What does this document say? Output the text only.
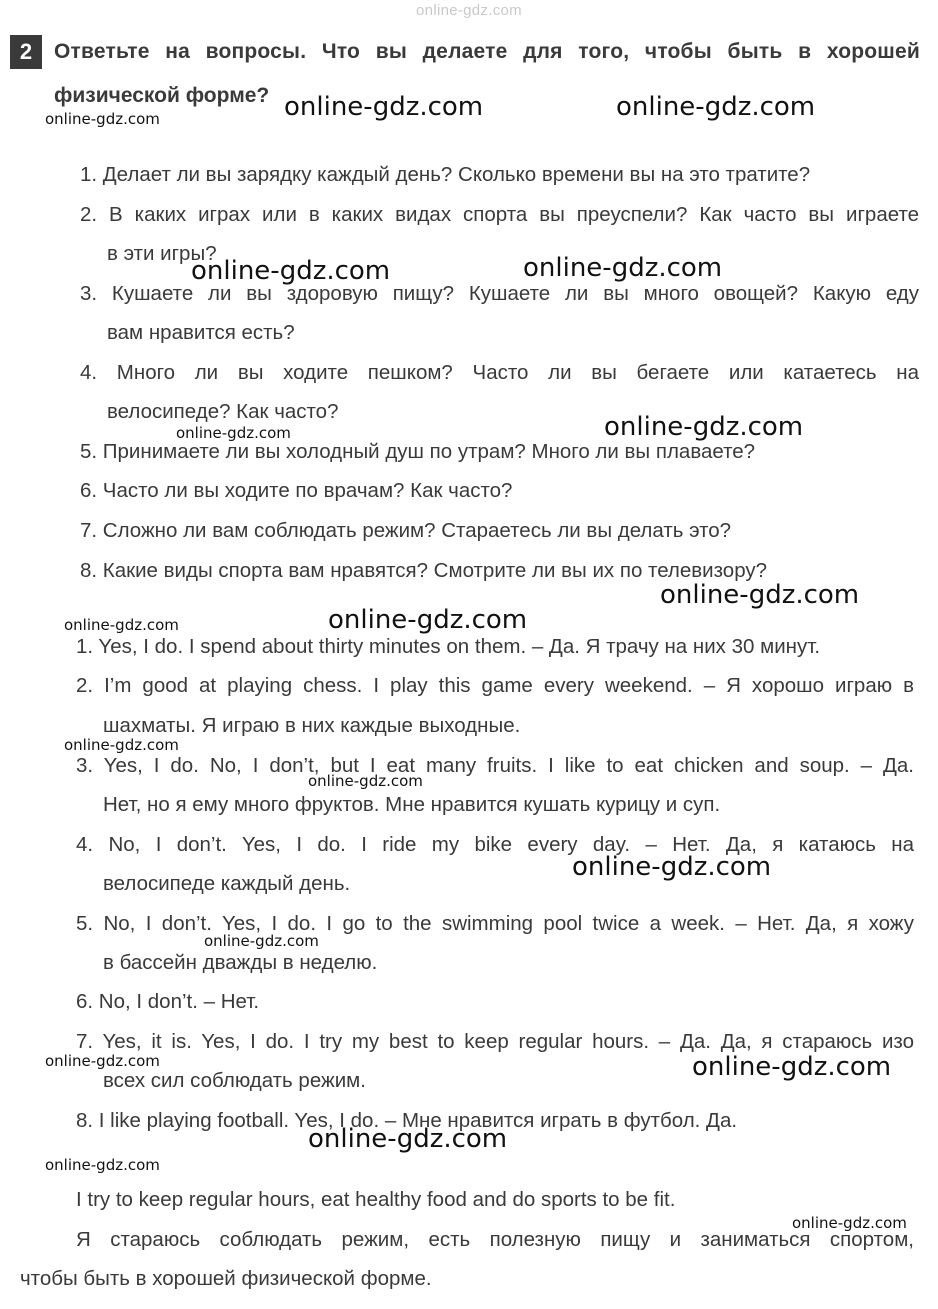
online-gdz.com
2	Ответьте на вопросы. Что вы делаете для того, чтобы быть в хорошей
физической форме?
1. Делает ли вы зарядку каждый день? Сколько времени вы на это тратите?
2. В каких играх или в каких видах спорта вы преуспели? Как часто вы играете
в эти игры?
3. Кушаете ли вы здоровую пищу? Кушаете ли вы много овощей? Какую еду
вам нравится есть?
4. Много ли вы ходите пешком? Часто ли вы бегаете или катаетесь на
велосипеде? Как часто?
5. Принимаете ли вы холодный душ по утрам? Много ли вы плаваете?
6. Часто ли вы ходите по врачам? Как часто?
7. Сложно ли вам соблюдать режим? Стараетесь ли вы делать это?
8. Какие виды спорта вам нравятся? Смотрите ли вы их по телевизору?
1. Yes, I do. I spend about thirty minutes on them. – Да. Я трачу на них 30 минут.
2. I’m good at playing chess. I play this game every weekend. – Я хорошо играю в
шахматы. Я играю в них каждые выходные.
3. Yes, I do. No, I don’t, but I eat many fruits. I like to eat chicken and soup. – Да.
Нет, но я ему много фруктов. Мне нравится кушать курицу и суп.
4. No, I don’t. Yes, I do. I ride my bike every day. – Нет. Да, я катаюсь на
велосипеде каждый день.
5. No, I don’t. Yes, I do. I go to the swimming pool twice a week. – Нет. Да, я хожу
в бассейн дважды в неделю.
6. No, I don’t. – Нет.
7. Yes, it is. Yes, I do. I try my best to keep regular hours. – Да. Да, я стараюсь изо
всех сил соблюдать режим.
8. I like playing football. Yes, I do. – Мне нравится играть в футбол. Да.
I try to keep regular hours, eat healthy food and do sports to be fit.
Я стараюсь соблюдать режим, есть полезную пищу и заниматься спортом,
чтобы быть в хорошей физической форме.
online-gdz.com	online-gdz.com
online-gdz.com
online-gdz.com	online-gdz.com
online-gdz.com	online-gdz.com
online-gdz.com
online-gdz.com
online-gdz.com
online-gdz.com
online-gdz.com
online-gdz.com
online-gdz.com
online-gdz.com	online-gdz.com
online-gdz.com
online-gdz.com
online-gdz.com
